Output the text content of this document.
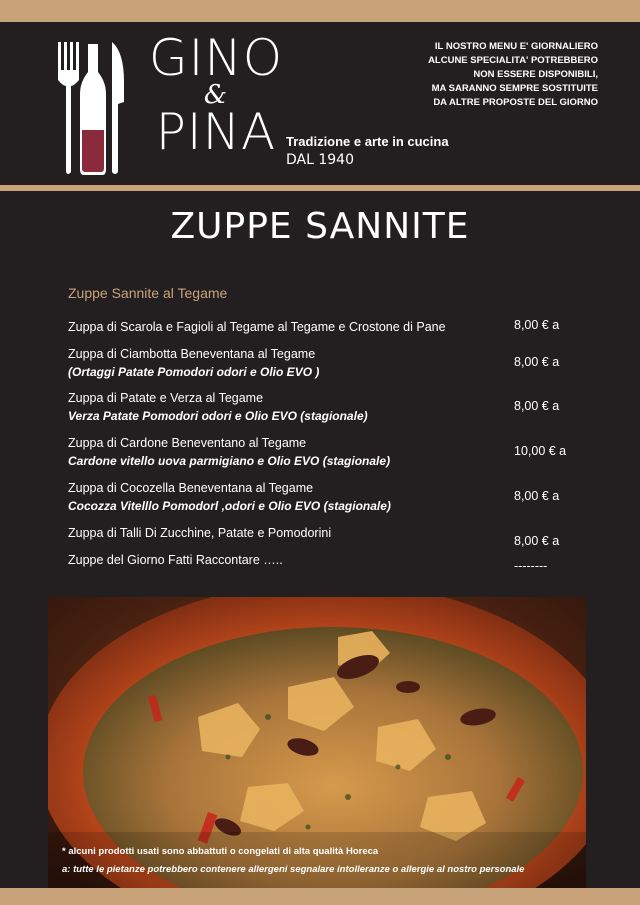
GINO
&
PINA Tradizione e arte in cucina
DAL 1940
IL NOSTRO MENU E' GIORNALIERO
ALCUNE SPECIALITA' POTREBBERO
NON ESSERE DISPONIBILI,
MA SARANNO SEMPRE SOSTITUITE
DA ALTRE PROPOSTE DEL GIORNO
ZUPPE SANNITE
Zuppe Sannite al Tegame
Zuppa di Scarola e Fagioli al Tegame al Tegame e Crostone di Pane	8,00 € a
Zuppa di Ciambotta Beneventana al Tegame
(Ortaggi Patate Pomodori odori e Olio EVO )
8,00 € a
Zuppa di Patate e Verza al Tegame
Verza Patate Pomodori odori e Olio EVO (stagionale)
8,00 € a
Zuppa di Cardone Beneventano al Tegame
Cardone vitello uova parmigiano e Olio EVO (stagionale)
10,00 € a
Zuppa di Cocozella Beneventana al Tegame
Cocozza Vitelllo Pomodorl ,odori e Olio EVO (stagionale)
8,00 € a
Zuppa di Talli Di Zucchine, Patate e Pomodorini
8,00 € a
Zuppe del Giorno Fatti Raccontare …..	--------
* alcuni prodotti usati sono abbattuti o congelati di alta qualità Horeca
a: tutte le pietanze potrebbero contenere allergeni segnalare intolleranze o allergie al nostro personale
